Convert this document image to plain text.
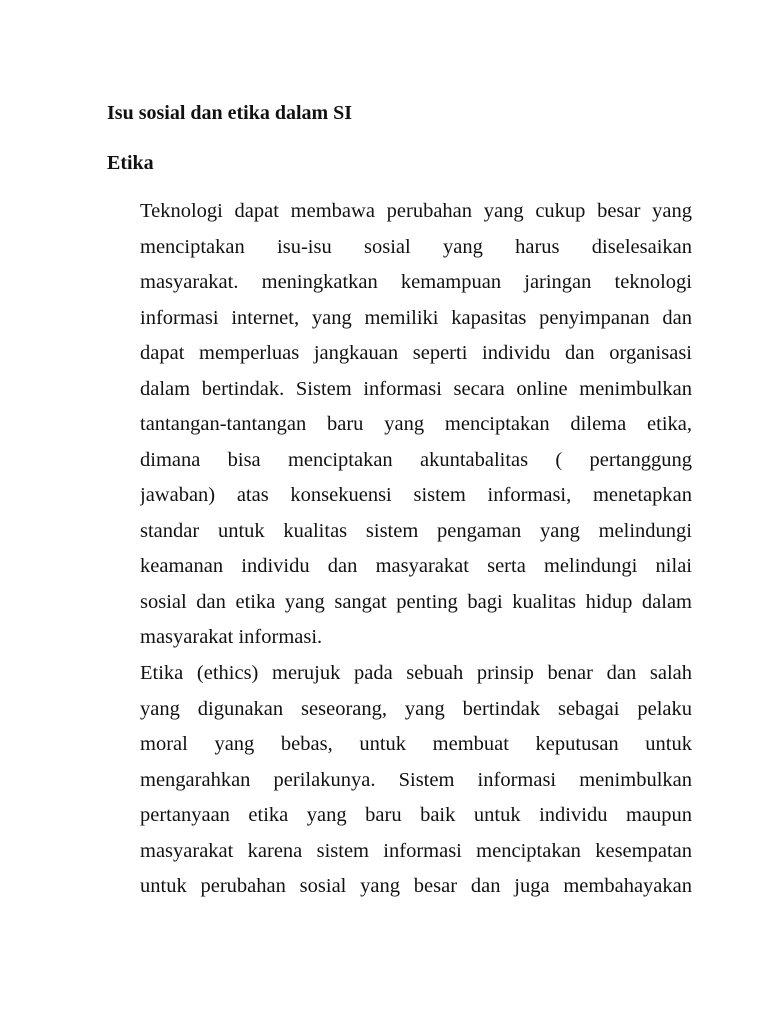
Isu sosial dan etika dalam SI
Etika

Teknologi dapat membawa perubahan yang cukup besar yang
menciptakan isu-isu sosial yang harus diselesaikan
masyarakat. meningkatkan kemampuan jaringan teknologi
informasi internet, yang memiliki kapasitas penyimpanan dan
dapat memperluas jangkauan seperti individu dan organisasi
dalam bertindak. Sistem informasi secara online menimbulkan
tantangan-tantangan baru yang menciptakan dilema etika,
dimana bisa menciptakan akuntabalitas ( pertanggung
jawaban) atas konsekuensi sistem informasi, menetapkan
standar untuk kualitas sistem pengaman yang melindungi
keamanan individu dan masyarakat serta melindungi nilai
sosial dan etika yang sangat penting bagi kualitas hidup dalam
masyarakat informasi.

Etika (ethics) merujuk pada sebuah prinsip benar dan salah
yang digunakan seseorang, yang bertindak sebagai pelaku
moral yang bebas, untuk membuat keputusan untuk
mengarahkan perilakunya. Sistem informasi menimbulkan
pertanyaan etika yang baru baik untuk individu maupun
masyarakat karena sistem informasi menciptakan kesempatan
untuk perubahan sosial yang besar dan juga membahayakan
